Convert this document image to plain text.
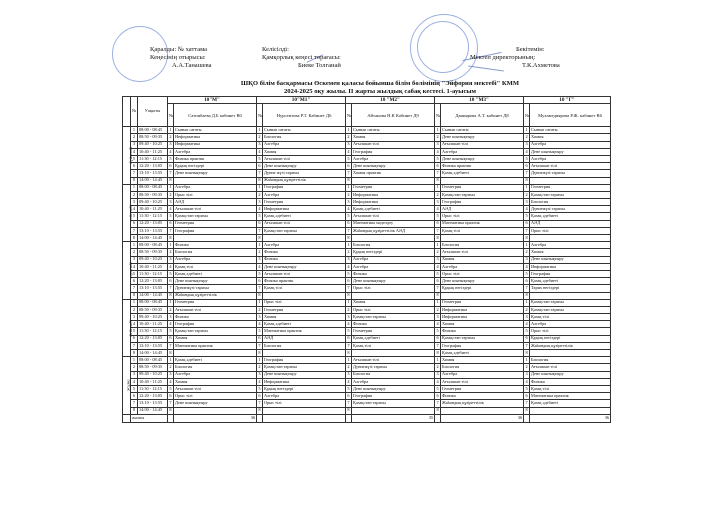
Қаралды: № хаттама
Кеңесінің отырысы:
А.А.Танашева
Келісілді:
Қамқорлық кеңесі төрағасы:
Биеке Толганай
Бекітемін:
Мектеп директорының:
Т.К.Ахметова
ШҚО білім басқармасы Өскемен қаласы бойынша білім бөлімінің "Эйфория мектебі" КММ
2024-2025 оқу жылы. II жарты жылдық сабақ кестесі. 1-ауысым
	№	Уақыты	10"М"		10"М1"		10 "М2"		10 "М3"		10 "Г"	
			№	Сатпибаева Д.Б кабинет В0	№	Нурсеитова Р.Т. Кабинет Д6	№	Айтанова Н.К Кабинет Д9	№	Даниярова А.Т. кабинет Д8	№	Мухамедиярова Р.Ж. кабинет В6
дүйсенбі	1	08:00 - 08:45	1	Сынып сағаты	1	Сынып сағаты	1	Сынып сағаты	1	Сынып сағаты	1	Сынып сағаты
	2	08:50 - 09:35	2	Информатика	2	Биология	2	Химия	2	Дене шынықтыру	2	Химия
	3	09:40 - 10:25	3	Информатика	3	Алгебра	3	Ағылшын тілі	3	Ағылшын тілі	3	Алгебра
	4	10:40 - 11:25	4	Алгебра	4	Химия	4	География	4	Алгебра	4	Дене шынықтыру
	5	11:30 - 12:15	5	Физика практик	5	Ағылшын тілі	5	Алгебра	5	Дене шынықтыру	5	Алгебра
	6	12:20 - 13:05	6	Құқық негіздері	6	Дене шынықтыру	6	Дене шынықтыру	6	Физика практик	6	Ағылшын тілі
	7	13:10 - 13:55	7	Дене шынықтыру	7	Дүние жүзі тарихы	7	Химия практик	7	Қазақ әдебиеті	7	Дүниежүзі тарихы
	8	14:00 - 14:45	8		8	Жаһандық құзіреттілік	8		8		8	
сейсенбі	1	08:00 - 08:45	1	Алгебра	1	География	1	Геометрия	1	Геометрия	1	Геометрия
	2	08:50 - 09:35	2	Орыс тілі	2	Алгебра	2	Информатика	2	Қазақстан тарихы	2	Қазақстан тарихы
	3	09:40 - 10:25	3	АӘД	3	Геометрия	3	Информатика	3	География	3	Биология
	4	10:40 - 11:25	4	Ағылшын тілі	4	Информатика	4	Қазақ әдебиеті	4	АӘД	4	Дүниежүзі тарихы
	5	11:30 - 12:15	5	Қазақстан тарихы	5	Қазақ әдебиеті	5	Ағылшын тілі	5	Орыс тілі	5	Қазақ әдебиеті
	6	12:20 - 13:05	6	Геометрия	6	Ағылшын тілі	6	Математика моделдеу	6	Математика практик	6	АӘД
	7	13:10 - 13:55	7	География	7	Қазақстан тарихы	7	Жаһандық құзіреттілік АӘД	7	Қазақ тілі	7	Орыс тілі
	8	14:00 - 14:45	8		8		8		8		8	
сәрсенбі	1	08:00 - 08:45	1	Физика	1	Алгебра	1	Биология	1	Биология	1	Алгебра
	2	08:50 - 09:35	2	Биология	2	Физика	2	Құқық негіздері	2	Ағылшын тілі	2	Химия
	3	09:40 - 10:25	3	Алгебра	3	Физика	3	Алгебра	3	Химия	3	Дене шынықтыру
	4	10:40 - 11:25	4	Қазақ тілі	4	Дене шынықтыру	4	Алгебра	4	Алгебра	4	Информатика
	5	11:30 - 12:15	5	Қазақ әдебиеті	5	Ағылшын тілі	5	Физика	5	Орыс тілі	5	География
	6	12:20 - 13:05	6	Дене шынықтыру	6	Физика практик	6	Дене шынықтыру	6	Дене шынықтыру	6	Қазақ әдебиеті
	7	13:10 - 13:55	7	Дүниежүзі тарихы	7	Қазақ тілі	7	Орыс тілі	7	Құқық негіздері	7	Тарих негіздері
	8	14:00 - 14:45	8	Жаһандық құзіреттілік	8		8		8		8	
бейсенбі	1	08:00 - 08:45	1	Геометрия	1	Орыс тілі	1	Химия	1	Геометрия	1	Қазақстан тарихы
	2	08:50 - 09:35	2	Ағылшын тілі	2	Геометрия	2	Орыс тілі	2	Информатика	2	Қазақстан тарихы
	3	09:40 - 10:25	3	Физика	3	Химия	3	Қазақстан тарихы	3	Информатика	3	Қазақ тілі
	4	10:40 - 11:25	4	География	4	Қазақ әдебиеті	4	Физика	4	Химия	4	Алгебра
	5	11:30 - 12:15	5	Қазақстан тарихы	5	Математика практик	5	Геометрия	5	Физика	5	Орыс тілі
	6	12:20 - 13:05	6	Химия	6	АӘД	6	Қазақ әдебиеті	6	Қазақстан тарихы	6	Құқық негіздері
	7	13:10 - 13:55	7	Математика практик	7	Биология	7	Қазақ тілі	7	География	7	Жаһандық құзіреттілік
	8	14:00 - 14:45	8		8		8		8	Қазақ әдебиеті	8	
жұма	1	08:00 - 08:45	1	Қазақ әдебиеті	1	География	1	Ағылшын тілі	1	Химия	1	Биология
	2	08:50 - 09:35	2	Биология	2	Қазақстан тарихы	2	Дүниежүзі тарихы	2	Биология	2	Ағылшын тілі
	3	09:40 - 10:25	3	Алгебра	3	Дене шынықтыру	3	Биология	3	Алгебра	3	Дене шынықтыру
	4	10:40 - 11:25	4	Химия	4	Информатика	4	Алгебра	4	Ағылшын тілі	4	Физика
	5	11:30 - 12:15	5	Ағылшын тілі	5	Құқық негіздері	5	Дене шынықтыру	5	Геометрия	5	Қазақ тілі
	6	12:20 - 13:05	6	Орыс тілі	6	Алгебра	6	География	6	Физика	6	Математика практик
	7	13:10 - 13:55	7	Дене шынықтыру	7	Орыс тілі	7	Қазақстан тарихы	7	Жаһандық құзіреттілік	7	Қазақ әдебиеті
	8	14:00 - 14:45	8		8		8		8		8	
	жалпы			36				35		36		36
